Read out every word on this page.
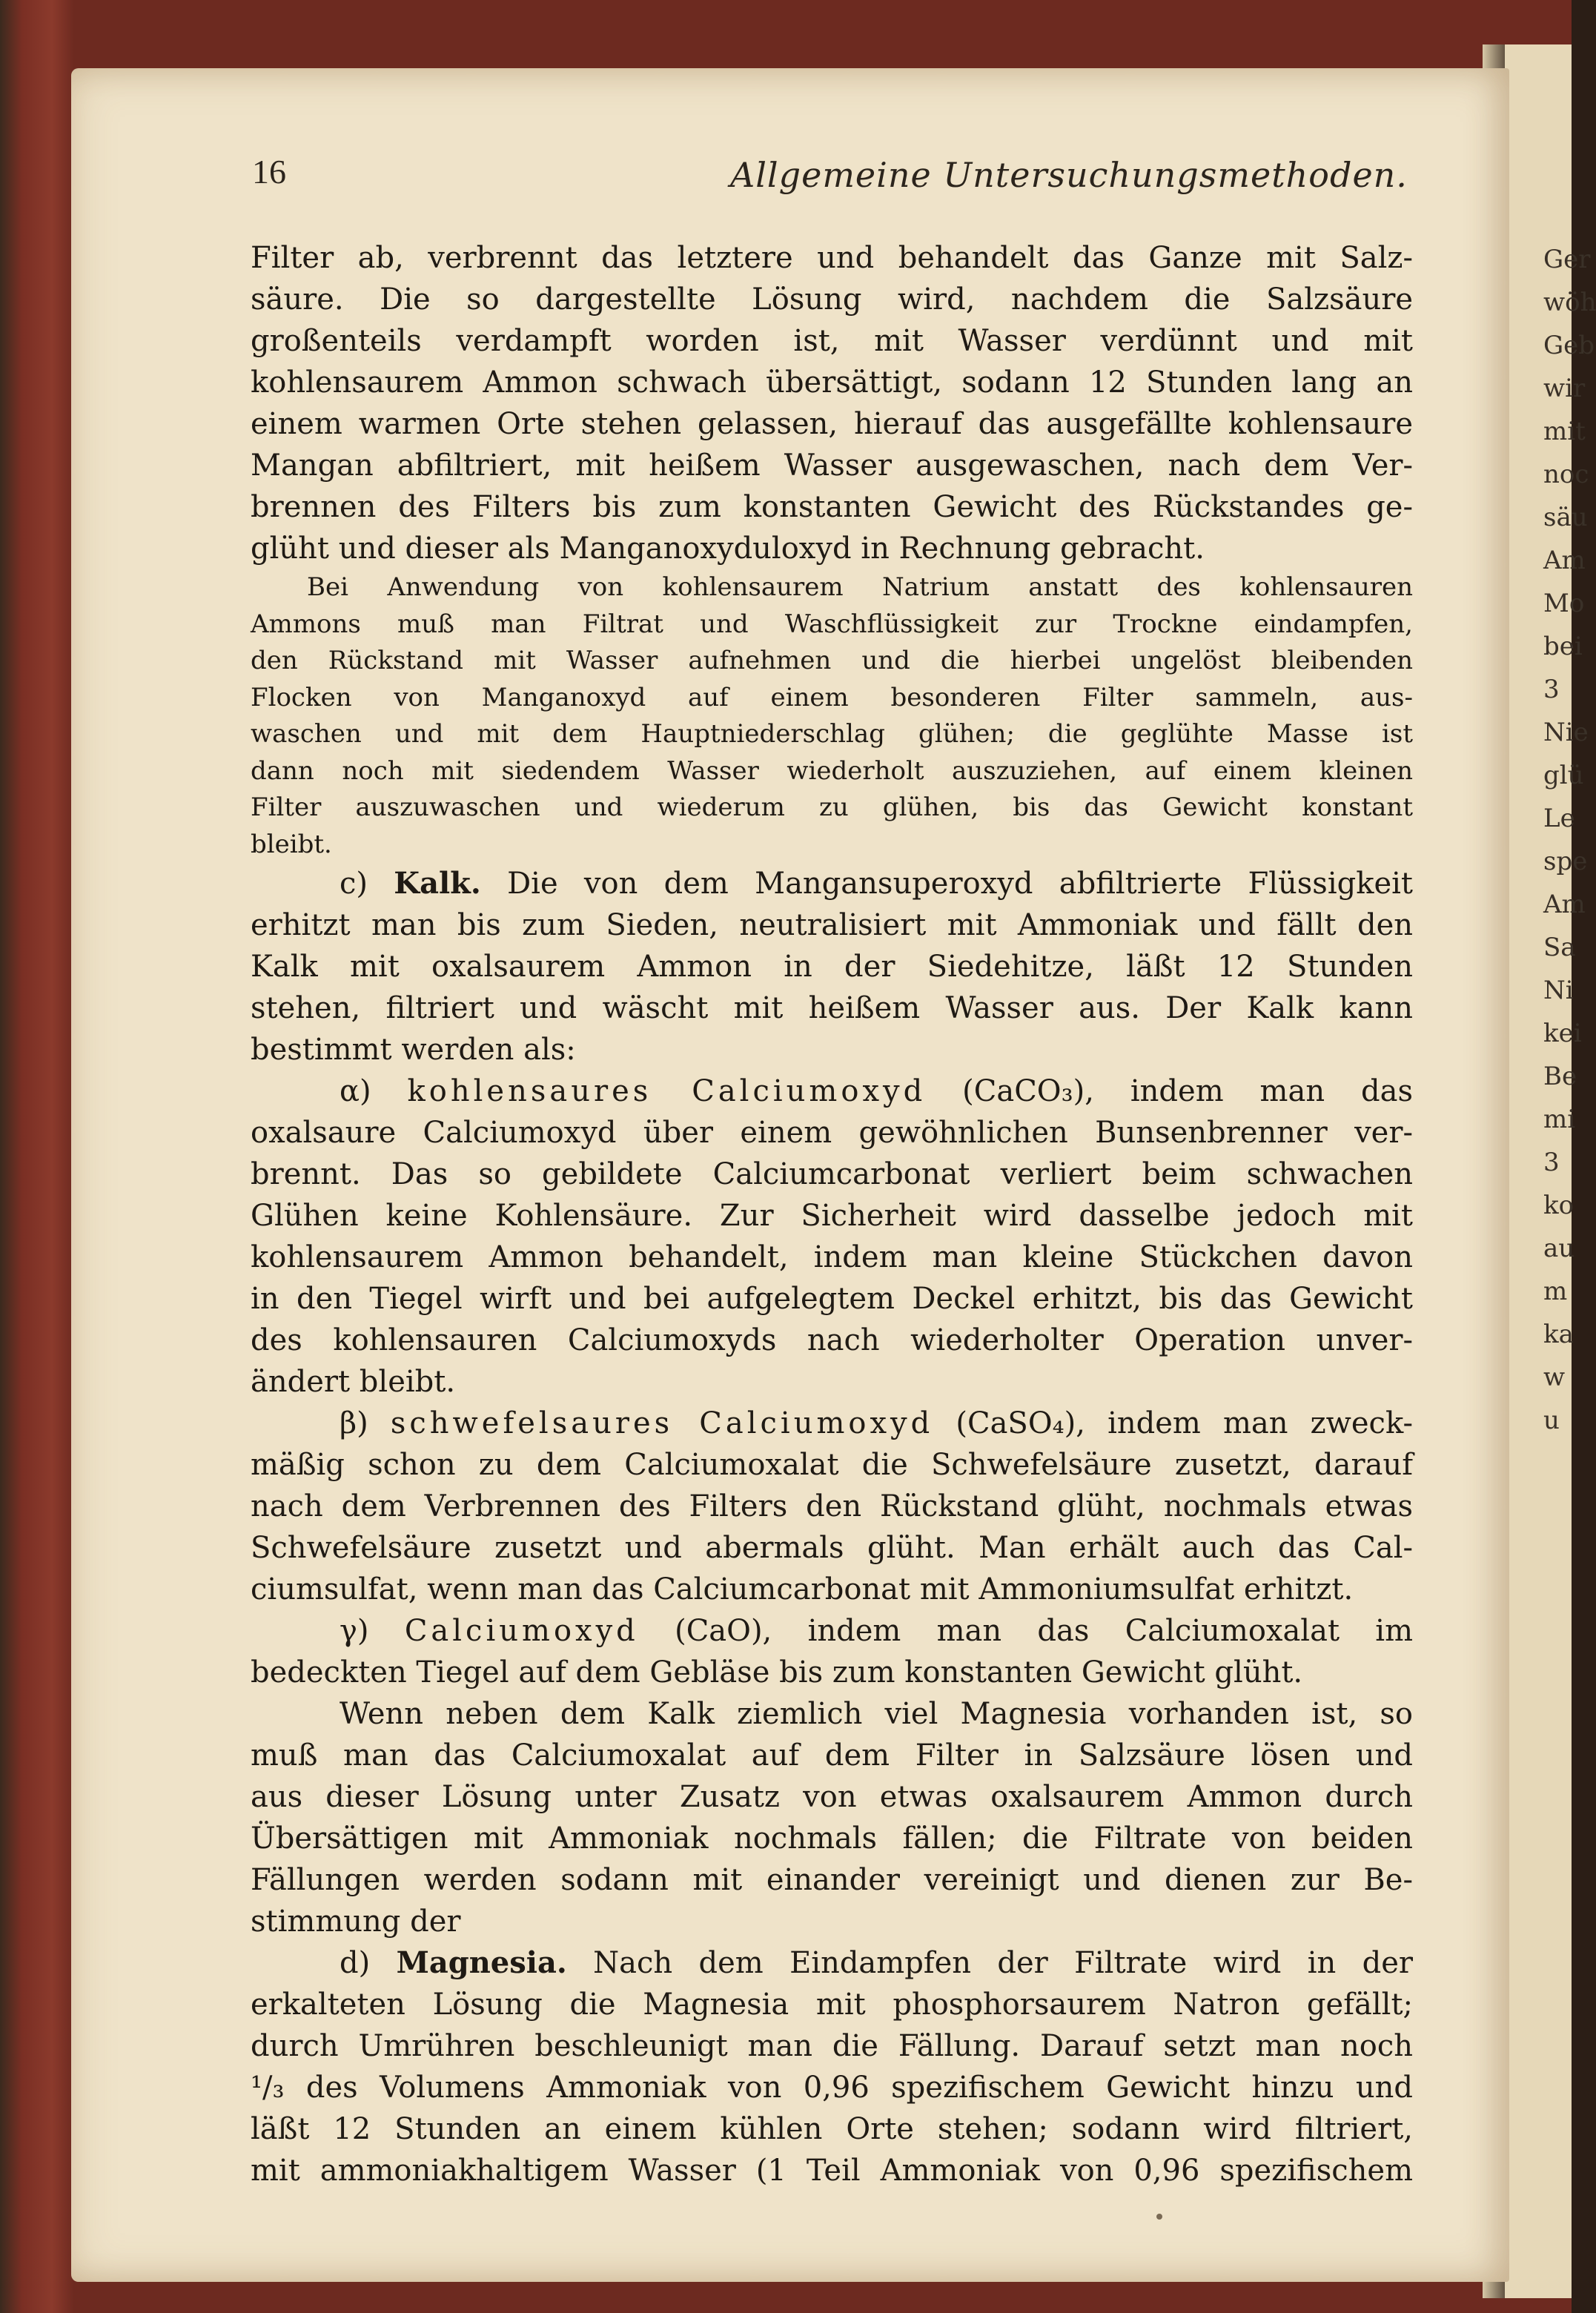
Ger
wöh
Geb
wir
mit
noc
säu
Am
Mo
bei
3
Nie
glü
Le
spe
Am
Sa
Ni
kei
Be
mi
3
ko
au
m
ka
w
u
16	Allgemeine Untersuchungsmethoden.
Filter ab, verbrennt das letztere und behandelt das Ganze mit Salz-
säure. Die so dargestellte Lösung wird, nachdem die Salzsäure
großenteils verdampft worden ist, mit Wasser verdünnt und mit
kohlensaurem Ammon schwach übersättigt, sodann 12 Stunden lang an
einem warmen Orte stehen gelassen, hierauf das ausgefällte kohlensaure
Mangan abfiltriert, mit heißem Wasser ausgewaschen, nach dem Ver-
brennen des Filters bis zum konstanten Gewicht des Rückstandes ge-
glüht und dieser als Manganoxyduloxyd in Rechnung gebracht.
Bei Anwendung von kohlensaurem Natrium anstatt des kohlensauren
Ammons muß man Filtrat und Waschflüssigkeit zur Trockne eindampfen,
den Rückstand mit Wasser aufnehmen und die hierbei ungelöst bleibenden
Flocken von Manganoxyd auf einem besonderen Filter sammeln, aus-
waschen und mit dem Hauptniederschlag glühen; die geglühte Masse ist
dann noch mit siedendem Wasser wiederholt auszuziehen, auf einem kleinen
Filter auszuwaschen und wiederum zu glühen, bis das Gewicht konstant
bleibt.
c) Kalk. Die von dem Mangansuperoxyd abfiltrierte Flüssigkeit
erhitzt man bis zum Sieden, neutralisiert mit Ammoniak und fällt den
Kalk mit oxalsaurem Ammon in der Siedehitze, läßt 12 Stunden
stehen, filtriert und wäscht mit heißem Wasser aus. Der Kalk kann
bestimmt werden als:
α) kohlensaures Calciumoxyd (CaCO₃), indem man das
oxalsaure Calciumoxyd über einem gewöhnlichen Bunsenbrenner ver-
brennt. Das so gebildete Calciumcarbonat verliert beim schwachen
Glühen keine Kohlensäure. Zur Sicherheit wird dasselbe jedoch mit
kohlensaurem Ammon behandelt, indem man kleine Stückchen davon
in den Tiegel wirft und bei aufgelegtem Deckel erhitzt, bis das Gewicht
des kohlensauren Calciumoxyds nach wiederholter Operation unver-
ändert bleibt.
β) schwefelsaures Calciumoxyd (CaSO₄), indem man zweck-
mäßig schon zu dem Calciumoxalat die Schwefelsäure zusetzt, darauf
nach dem Verbrennen des Filters den Rückstand glüht, nochmals etwas
Schwefelsäure zusetzt und abermals glüht. Man erhält auch das Cal-
ciumsulfat, wenn man das Calciumcarbonat mit Ammoniumsulfat erhitzt.
γ) Calciumoxyd (CaO), indem man das Calciumoxalat im
bedeckten Tiegel auf dem Gebläse bis zum konstanten Gewicht glüht.
Wenn neben dem Kalk ziemlich viel Magnesia vorhanden ist, so
muß man das Calciumoxalat auf dem Filter in Salzsäure lösen und
aus dieser Lösung unter Zusatz von etwas oxalsaurem Ammon durch
Übersättigen mit Ammoniak nochmals fällen; die Filtrate von beiden
Fällungen werden sodann mit einander vereinigt und dienen zur Be-
stimmung der
d) Magnesia. Nach dem Eindampfen der Filtrate wird in der
erkalteten Lösung die Magnesia mit phosphorsaurem Natron gefällt;
durch Umrühren beschleunigt man die Fällung. Darauf setzt man noch
¹/₃ des Volumens Ammoniak von 0,96 spezifischem Gewicht hinzu und
läßt 12 Stunden an einem kühlen Orte stehen; sodann wird filtriert,
mit ammoniakhaltigem Wasser (1 Teil Ammoniak von 0,96 spezifischem
